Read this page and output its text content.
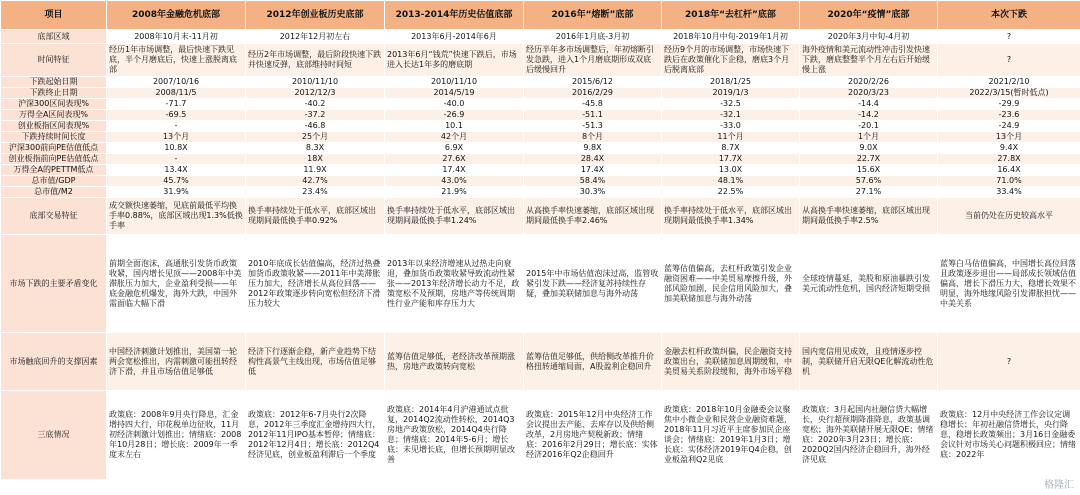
项目	2008年金融危机底部	2012年创业板历史底部	2013-2014年历史估值底部	2016年“熔断”底部	2018年“去杠杆”底部	2020年“疫情”底部	本次下跌
底部区域	2008年10月末-11月初	2012年12月初左右	2013年6月-2014年6月	2016年1月底-3月初	2018年10月中旬-2019年1月初	2020年3月中旬-4月初	?
时间特征	经历1年市场调整，最后快速下跌见底，半个月磨底后，快速上涨脱离底部	经历2年市场调整，最后阶段快速下跌并快速反弹，底部维持时间短	2013年6月“钱荒”快速下跌后，市场进入长达1年多的磨底期	经历半年多市场调整后，年初熔断引发急跌，进入1个月磨底期形成双底后缓慢回升	经历9个月的市场调整，市场快速下跌后在政策催化下企稳，磨底3个月后脱离底部	海外疫情和美元流动性冲击引发快速下跌，磨底整整半个月左右后开始缓慢上涨	?
下跌起始日期	2007/10/16	2010/11/10	2010/11/10	2015/6/12	2018/1/25	2020/2/26	2021/2/10
下跌终止日期	2008/11/5	2012/12/3	2014/5/19	2016/2/29	2019/1/3	2020/3/23	2022/3/15(暂时低点)
沪深300区间表现%	-71.7	-40.2	-40.0	-45.8	-32.5	-14.4	-29.9
万得全A区间表现%	-69.5	-37.2	-26.9	-51.1	-32.1	-14.2	-23.6
创业板指区间表现%	-	-46.8	10.1	-51.3	-33.0	-20.1	-24.9
下跌持续时间长度	13个月	25个月	42个月	8个月	11个月	1个月	13个月
沪深300前向PE估值低点	10.8X	8.3X	6.9X	9.8X	8.7X	9.0X	9.4X
创业板指前向PE估值低点	-	18X	27.6X	28.4X	17.7X	22.7X	27.8X
万得全A的PETTM低点	13.4X	11.9X	17.4X	17.4X	13.0X	15.6X	16.4X
总市值/GDP	45.7%	42.7%	43.0%	58.4%	48.1%	57.6%	71.0%
总市值/M2	31.9%	23.4%	21.9%	30.3%	22.5%	27.1%	33.4%
底部交易特征	成交额快速萎缩，见底前最低平均换手率0.88%，底部区域出现1.3%低换手率	换手率持续处于低水平，底部区域出现期间最低换手率0.92%	换手率持续处于低水平，底部区域出现期间最低换手率1.24%	从高换手率快速萎缩，底部区域出现期间最低换手率2.46%	换手率持续处于低水平，底部区域出现期间最低换手率1.34%	从高换手率快速萎缩，底部区域出现期间最低换手率2.5%	当前仍处在历史较高水平
市场下跌的主要矛盾变化	前期全面泡沫，高通胀引发货币政策收紧，国内增长见顶——2008年中美滞胀压力加大，企业盈利受损——年底金融危机爆发，海外大跌，中国外需面临大幅下滑	2010年底成长估值偏高，经济过热叠加货币政策收紧——2011年中美滞胀压力加大，经济增长从高位回落——2012年政策逐步转向宽松但经济下滑压力较大	2013年以来经济增速从过热走向衰退，叠加货币政策收紧导致流动性紧张——2013年经济增长动力不足，政策宽松不及预期，房地产等传统周期性行业产能和库存压力大	2015年中市场估值泡沫过高，监管收紧引发下跌——经济复苏持续性存疑，叠加美联储加息与海外动荡	蓝筹估值偏高，去杠杆政策引发企业融资困难——中美贸易摩擦升级，外部风险加剧，民企信用风险加大，叠加美联储加息与海外动荡	全球疫情蔓延，美股和原油暴跌引发美元流动性危机，国内经济短期受损	蓝筹白马估值偏高，中国增长高位回落且政策逐步退出——局部成长领域估值偏高，增长下滑压力大，稳增长效果不明显，海外地缘风险引发滞胀担忧——中美关系
市场触底回升的支撑因素	中国经济刺激计划推出，美国第一轮两会宽松推出，内需刺激可能扭转经济下滑，并且市场估值足够低	经济下行逐渐企稳，新产业趋势下结构性高景气主线出现，市场估值足够低	蓝筹估值足够低，老经济改革预期涨热，房地产政策转向宽松	蓝筹估值足够低，供给侧改革推升价格扭转通缩局面，A股盈利企稳回升	金融去杠杆政策纠偏，民企融资支持政策出台，美联储加息周期缓和，中美贸易关系阶段缓和，海外市场平稳	国内宽信用见成效，且疫情逐步控制，美联储开启无限QE化解流动性危机	?
三底情况	政策底：2008年9月央行降息，汇金增持四大行，印花税单边征收，11月初经济刺激计划推出；情绪底：2008年10月28日；增长底：2009年一季度末左右	政策底：2012年6-7月央行2次降息，2012年三季度汇金增持四大行，2012年11月IPO基本暂停；情绪底：2012年12月4日；增长底：2012Q4经济见底，创业板盈利滞后一个季度	政策底：2014年4月沪港通试点批复，2014Q2流动性转松，2014Q3房地产政策放松，2014Q4央行降息；情绪底：2014年5-6月；增长底：未见增长底，但增长预期明显改善	政策底：2015年12月中央经济工作会议提出去产能、去库存以及供给侧改革，2月房地产契税新政；情绪底：2016年2月29日；增长底：实体经济2016年Q2企稳回升	政策底：2018年10月金融委会议聚焦中小微企业和民营企业融资难题，2018年11月习近平主席参加民企座谈会；情绪底：2019年1月3日；增长底：实体经济2019年Q4企稳，创业板盈利Q2见底	政策底：3月起国内社融信贷大幅增长，央行超预期降准降息，政策基调宽松；海外美联储开展无限QE；情绪底：2020年3月23日；增长底：2020Q2国内经济企稳回升，海外经济见底	政策底：12月中央经济工作会议定调稳增长；年初社融信贷增长，央行降息，稳增长政策频出；3月16日金融委会议针对市场关心问题积极回应；情绪底：2022年
格隆汇
